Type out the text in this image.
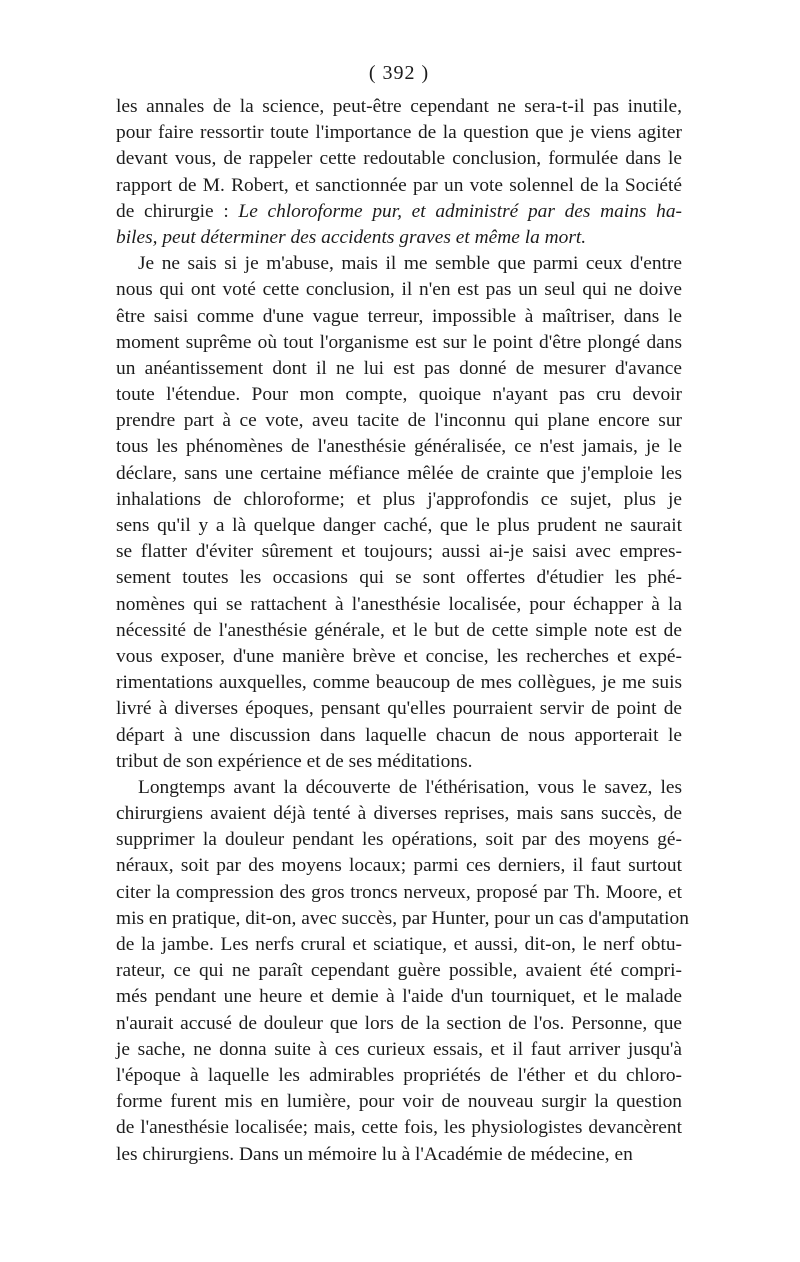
( 392 )
les annales de la science, peut-être cependant ne sera-t-il pas inutile,
pour faire ressortir toute l'importance de la question que je viens agiter
devant vous, de rappeler cette redoutable conclusion, formulée dans le
rapport de M. Robert, et sanctionnée par un vote solennel de la Société
de chirurgie : Le chloroforme pur, et administré par des mains ha-
biles, peut déterminer des accidents graves et même la mort.
Je ne sais si je m'abuse, mais il me semble que parmi ceux d'entre
nous qui ont voté cette conclusion, il n'en est pas un seul qui ne doive
être saisi comme d'une vague terreur, impossible à maîtriser, dans le
moment suprême où tout l'organisme est sur le point d'être plongé dans
un anéantissement dont il ne lui est pas donné de mesurer d'avance
toute l'étendue. Pour mon compte, quoique n'ayant pas cru devoir
prendre part à ce vote, aveu tacite de l'inconnu qui plane encore sur
tous les phénomènes de l'anesthésie généralisée, ce n'est jamais, je le
déclare, sans une certaine méfiance mêlée de crainte que j'emploie les
inhalations de chloroforme; et plus j'approfondis ce sujet, plus je
sens qu'il y a là quelque danger caché, que le plus prudent ne saurait
se flatter d'éviter sûrement et toujours; aussi ai-je saisi avec empres-
sement toutes les occasions qui se sont offertes d'étudier les phé-
nomènes qui se rattachent à l'anesthésie localisée, pour échapper à la
nécessité de l'anesthésie générale, et le but de cette simple note est de
vous exposer, d'une manière brève et concise, les recherches et expé-
rimentations auxquelles, comme beaucoup de mes collègues, je me suis
livré à diverses époques, pensant qu'elles pourraient servir de point de
départ à une discussion dans laquelle chacun de nous apporterait le
tribut de son expérience et de ses méditations.
Longtemps avant la découverte de l'éthérisation, vous le savez, les
chirurgiens avaient déjà tenté à diverses reprises, mais sans succès, de
supprimer la douleur pendant les opérations, soit par des moyens gé-
néraux, soit par des moyens locaux; parmi ces derniers, il faut surtout
citer la compression des gros troncs nerveux, proposé par Th. Moore, et
mis en pratique, dit-on, avec succès, par Hunter, pour un cas d'amputation
de la jambe. Les nerfs crural et sciatique, et aussi, dit-on, le nerf obtu-
rateur, ce qui ne paraît cependant guère possible, avaient été compri-
més pendant une heure et demie à l'aide d'un tourniquet, et le malade
n'aurait accusé de douleur que lors de la section de l'os. Personne, que
je sache, ne donna suite à ces curieux essais, et il faut arriver jusqu'à
l'époque à laquelle les admirables propriétés de l'éther et du chloro-
forme furent mis en lumière, pour voir de nouveau surgir la question
de l'anesthésie localisée; mais, cette fois, les physiologistes devancèrent
les chirurgiens. Dans un mémoire lu à l'Académie de médecine, en
